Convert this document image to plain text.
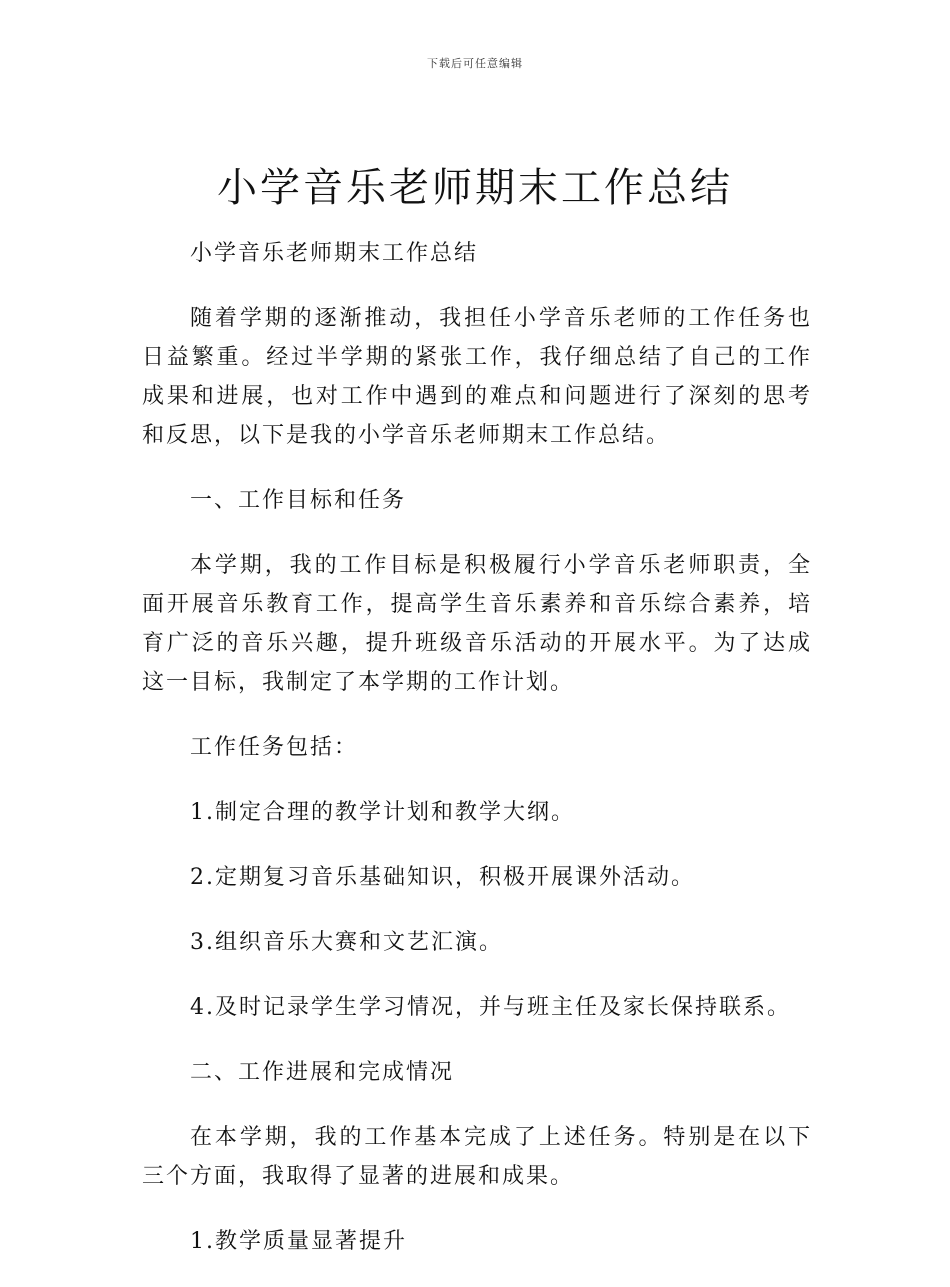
下载后可任意编辑
小学音乐老师期末工作总结

小学音乐老师期末工作总结

随着学期的逐渐推动，我担任小学音乐老师的工作任务也日益繁重。经过半学期的紧张工作，我仔细总结了自己的工作成果和进展，也对工作中遇到的难点和问题进行了深刻的思考和反思，以下是我的小学音乐老师期末工作总结。

一、工作目标和任务

本学期，我的工作目标是积极履行小学音乐老师职责，全面开展音乐教育工作，提高学生音乐素养和音乐综合素养，培育广泛的音乐兴趣，提升班级音乐活动的开展水平。为了达成这一目标，我制定了本学期的工作计划。

工作任务包括：

1.制定合理的教学计划和教学大纲。

2.定期复习音乐基础知识，积极开展课外活动。

3.组织音乐大赛和文艺汇演。

4.及时记录学生学习情况，并与班主任及家长保持联系。

二、工作进展和完成情况

在本学期，我的工作基本完成了上述任务。特别是在以下三个方面，我取得了显著的进展和成果。

1.教学质量显著提升
